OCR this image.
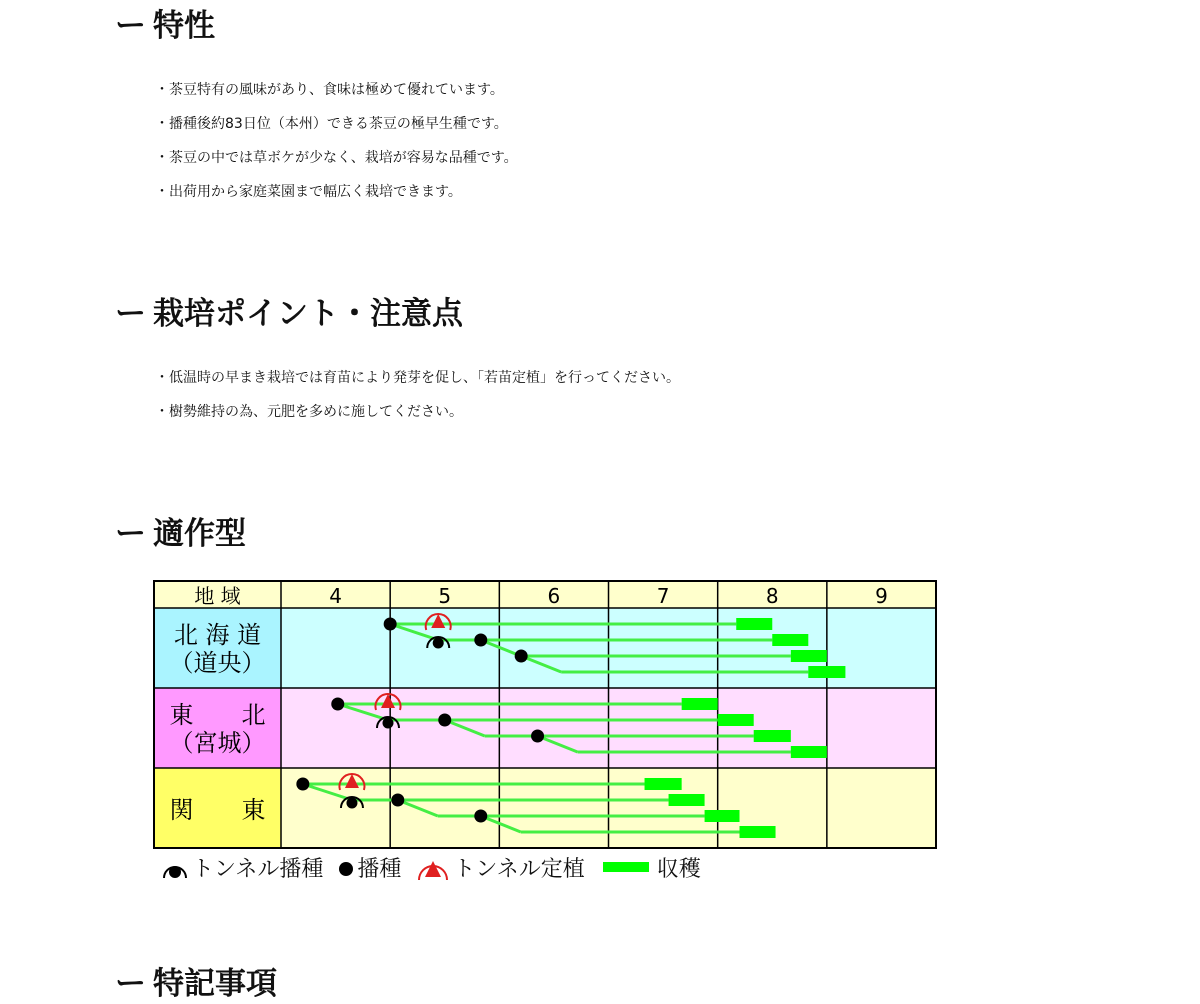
ー 特性
・茶豆特有の風味があり、食味は極めて優れています。
・播種後約83日位（本州）できる茶豆の極早生種です。
・茶豆の中では草ボケが少なく、栽培が容易な品種です。
・出荷用から家庭菜園まで幅広く栽培できます。
ー 栽培ポイント・注意点
・低温時の早まき栽培では育苗により発芽を促し、「若苗定植」を行ってください。
・樹勢維持の為、元肥を多めに施してください。
ー 適作型
地 域	4	5	6	7	8	9
北 海 道
（道央）
東　　北
（宮城）
関　　東
トンネル播種 播種 トンネル定植	収穫
ー 特記事項
